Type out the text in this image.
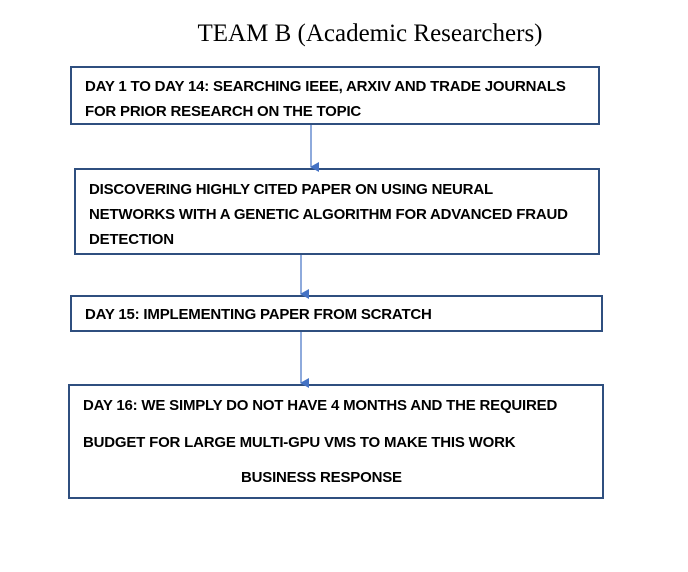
TEAM B (Academic Researchers)
DAY 1 TO DAY 14: SEARCHING IEEE, ARXIV AND TRADE JOURNALS
FOR PRIOR RESEARCH ON THE TOPIC
DISCOVERING HIGHLY CITED PAPER ON USING NEURAL
NETWORKS WITH A GENETIC ALGORITHM FOR ADVANCED FRAUD
DETECTION
DAY 15: IMPLEMENTING PAPER FROM SCRATCH
DAY 16: WE SIMPLY DO NOT HAVE 4 MONTHS AND THE REQUIRED
BUDGET FOR LARGE MULTI-GPU VMS TO MAKE THIS WORK
BUSINESS RESPONSE
